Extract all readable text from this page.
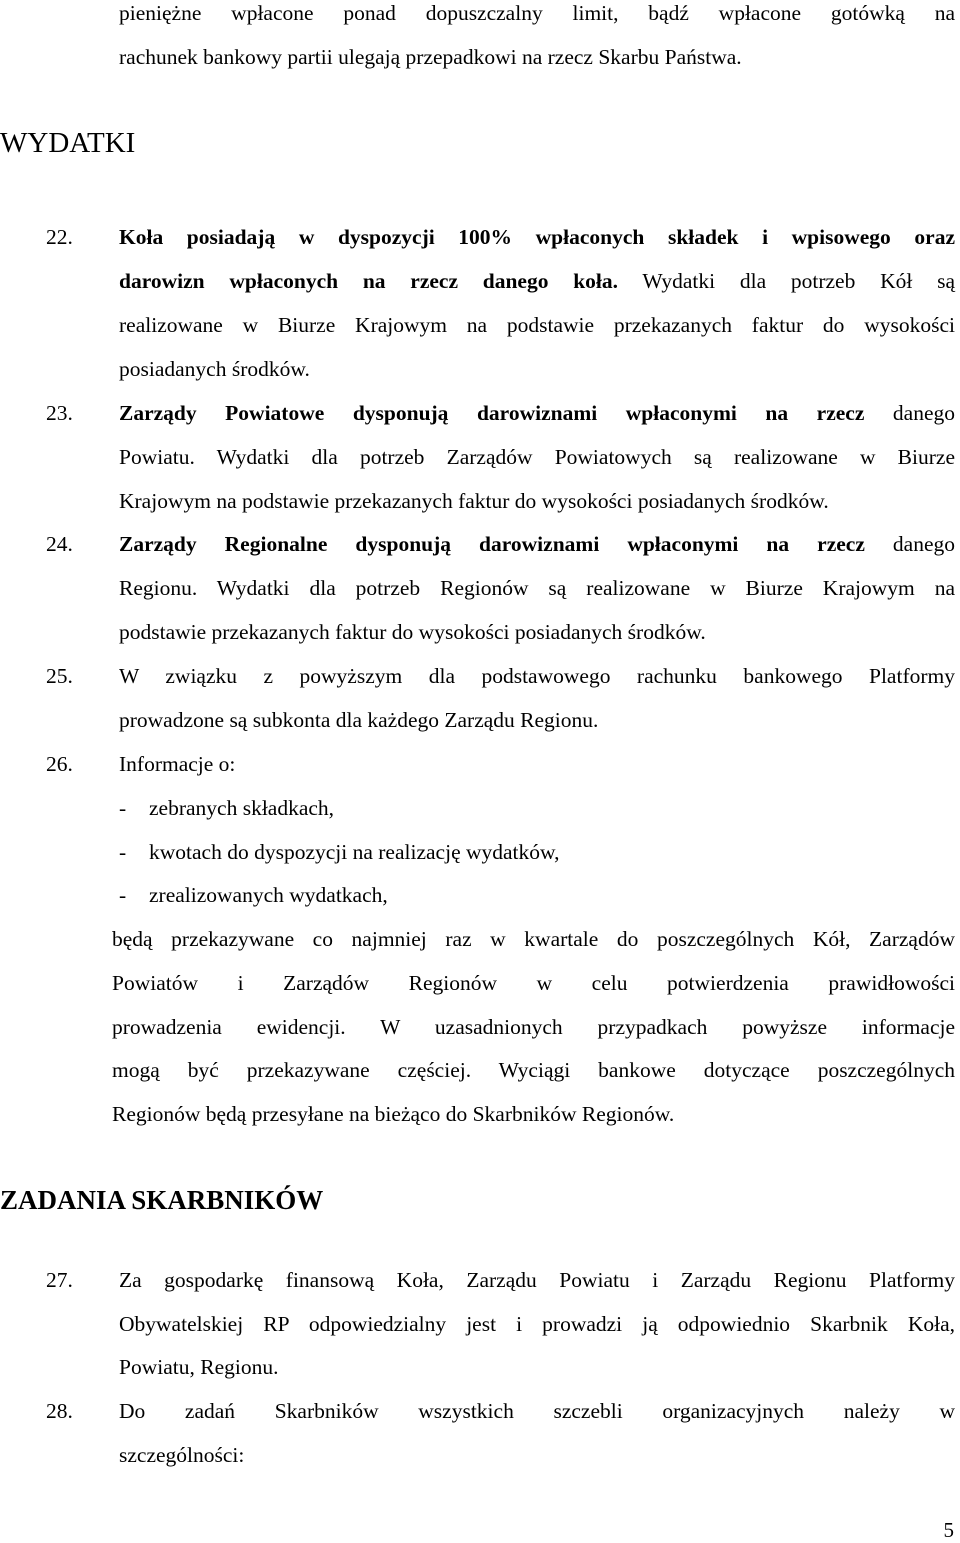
pieniężne wpłacone ponad dopuszczalny limit, bądź wpłacone gotówką na
rachunek bankowy partii ulegają przepadkowi na rzecz Skarbu Państwa.
WYDATKI
22. Koła posiadają w dyspozycji 100% wpłaconych składek i wpisowego oraz
darowizn wpłaconych na rzecz danego koła. Wydatki dla potrzeb Kół są
realizowane w Biurze Krajowym na podstawie przekazanych faktur do wysokości
posiadanych środków.
23. Zarządy Powiatowe dysponują darowiznami wpłaconymi na rzecz danego
Powiatu. Wydatki dla potrzeb Zarządów Powiatowych są realizowane w Biurze
Krajowym na podstawie przekazanych faktur do wysokości posiadanych środków.
24. Zarządy Regionalne dysponują darowiznami wpłaconymi na rzecz danego
Regionu. Wydatki dla potrzeb Regionów są realizowane w Biurze Krajowym na
podstawie przekazanych faktur do wysokości posiadanych środków.
25. W związku z powyższym dla podstawowego rachunku bankowego Platformy
prowadzone są subkonta dla każdego Zarządu Regionu.
26. Informacje o:
- zebranych składkach,
- kwotach do dyspozycji na realizację wydatków,
- zrealizowanych wydatkach,
będą przekazywane co najmniej raz w kwartale do poszczególnych Kół, Zarządów
Powiatów i Zarządów Regionów w celu potwierdzenia prawidłowości
prowadzenia ewidencji. W uzasadnionych przypadkach powyższe informacje
mogą być przekazywane częściej. Wyciągi bankowe dotyczące poszczególnych
Regionów będą przesyłane na bieżąco do Skarbników Regionów.
ZADANIA SKARBNIKÓW
27. Za gospodarkę finansową Koła, Zarządu Powiatu i Zarządu Regionu Platformy
Obywatelskiej RP odpowiedzialny jest i prowadzi ją odpowiednio Skarbnik Koła,
Powiatu, Regionu.
28. Do zadań Skarbników wszystkich szczebli organizacyjnych należy w
szczególności:
5
